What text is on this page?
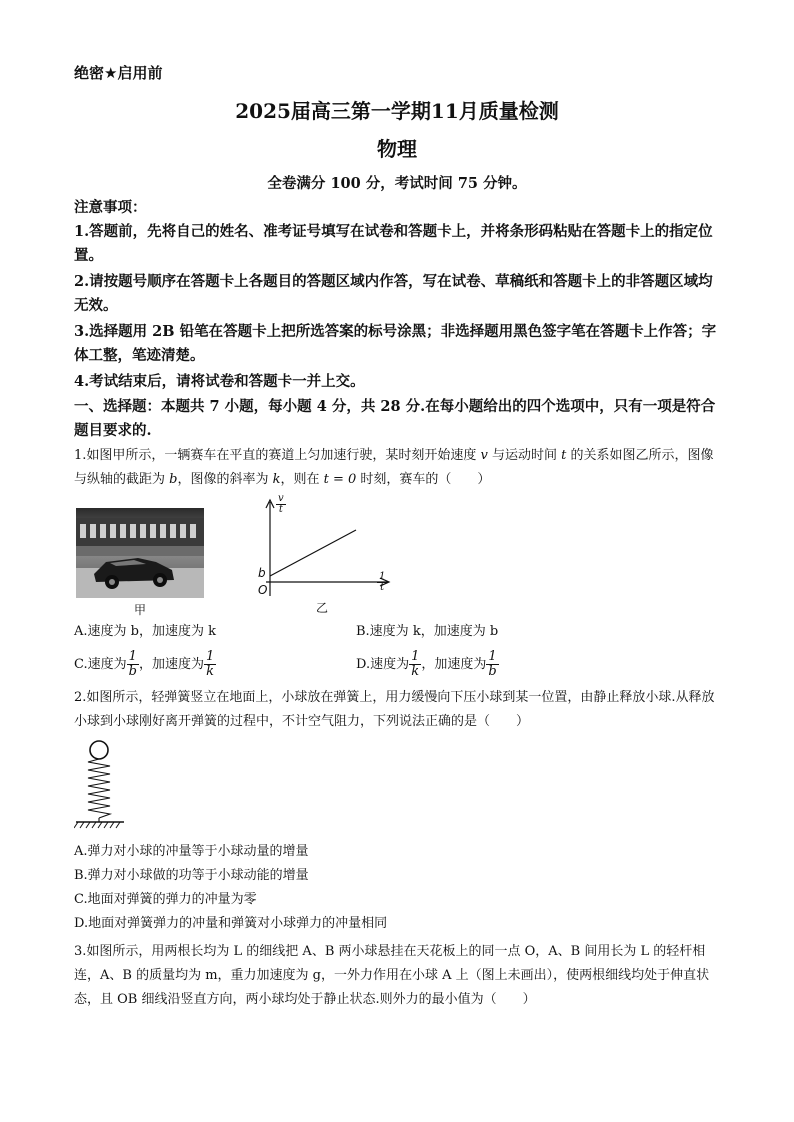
绝密★启用前
2025届高三第一学期11月质量检测
物理
全卷满分 100 分，考试时间 75 分钟。
注意事项：
1.答题前，先将自己的姓名、准考证号填写在试卷和答题卡上，并将条形码粘贴在答题卡上的指定位置。
2.请按题号顺序在答题卡上各题目的答题区域内作答，写在试卷、草稿纸和答题卡上的非答题区域均无效。
3.选择题用 2B 铅笔在答题卡上把所选答案的标号涂黑；非选择题用黑色签字笔在答题卡上作答；字体工整，笔迹清楚。
4.考试结束后，请将试卷和答题卡一并上交。
一、选择题：本题共 7 小题，每小题 4 分，共 28 分.在每小题给出的四个选项中，只有一项是符合题目要求的.
1.如图甲所示，一辆赛车在平直的赛道上匀加速行驶，某时刻开始速度 v 与运动时间 t 的关系如图乙所示，图像与纵轴的截距为 b，图像的斜率为 k，则在 t = 0 时刻，赛车的（　　）
甲
$\frac{v}{t}$
$\frac{1}{t}$
b
O
乙
A.速度为 b，加速度为 k	B.速度为 k，加速度为 b
C.速度为 $\frac{1}{b}$ ，加速度为 $\frac{1}{k}$	D.速度为 $\frac{1}{k}$ ，加速度为 $\frac{1}{b}$
2.如图所示，轻弹簧竖立在地面上，小球放在弹簧上，用力缓慢向下压小球到某一位置，由静止释放小球.从释放小球到小球刚好离开弹簧的过程中，不计空气阻力，下列说法正确的是（　　）
A.弹力对小球的冲量等于小球动量的增量
B.弹力对小球做的功等于小球动能的增量
C.地面对弹簧的弹力的冲量为零
D.地面对弹簧弹力的冲量和弹簧对小球弹力的冲量相同
3.如图所示，用两根长均为 L 的细线把 A、B 两小球悬挂在天花板上的同一点 O，A、B 间用长为 L 的轻杆相连，A、B 的质量均为 m，重力加速度为 g，一外力作用在小球 A 上（图上未画出），使两根细线均处于伸直状态，且 OB 细线沿竖直方向，两小球均处于静止状态.则外力的最小值为（　　）
